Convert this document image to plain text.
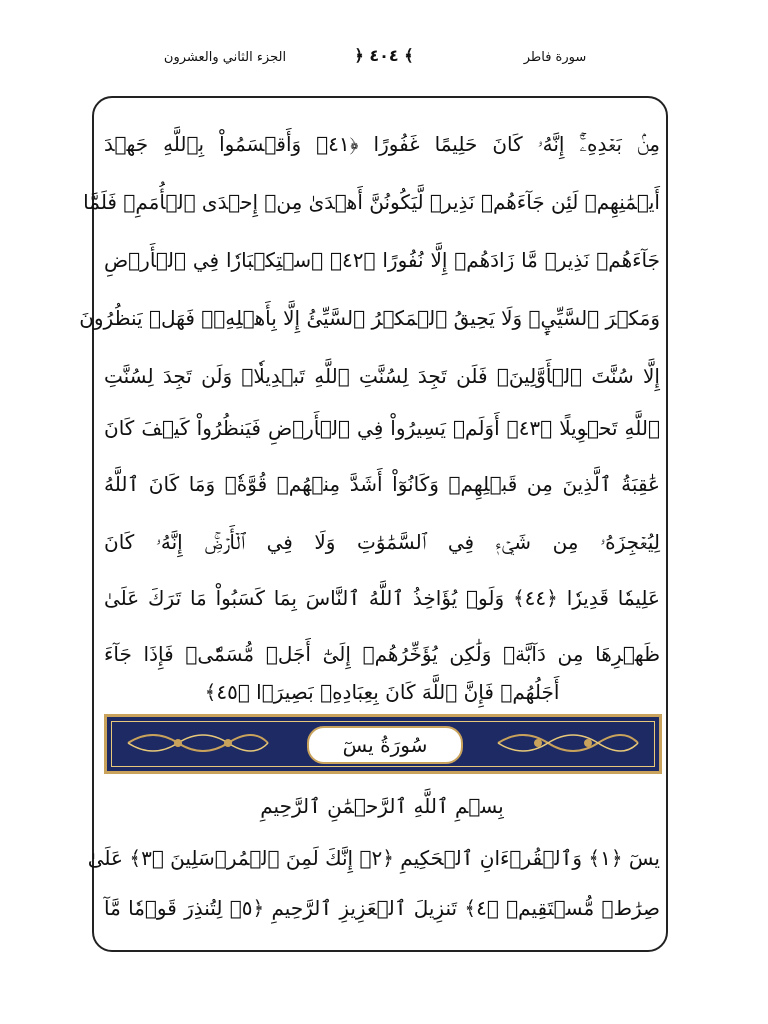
الجزء الثاني والعشرون	﴿ ٤٠٤ ﴾	سورة فاطر
مِنۢ بَعۡدِهِۦٓۚ إِنَّهُۥ كَانَ حَلِيمًا غَفُورًا ﴿٤١﴾ وَأَقۡسَمُواْ بِٱللَّهِ جَهۡدَ
أَيۡمَٰنِهِمۡ لَئِن جَآءَهُمۡ نَذِيرٞ لَّيَكُونُنَّ أَهۡدَىٰ مِنۡ إِحۡدَى ٱلۡأُمَمِۖ فَلَمَّا
جَآءَهُمۡ نَذِيرٞ مَّا زَادَهُمۡ إِلَّا نُفُورًا ﴿٤٢﴾ ٱسۡتِكۡبَارٗا فِي ٱلۡأَرۡضِ
وَمَكۡرَ ٱلسَّيِّيِٕۚ وَلَا يَحِيقُ ٱلۡمَكۡرُ ٱلسَّيِّئُ إِلَّا بِأَهۡلِهِۦۚ فَهَلۡ يَنظُرُونَ
إِلَّا سُنَّتَ ٱلۡأَوَّلِينَۚ فَلَن تَجِدَ لِسُنَّتِ ٱللَّهِ تَبۡدِيلٗاۖ وَلَن تَجِدَ لِسُنَّتِ
ٱللَّهِ تَحۡوِيلًا ﴿٤٣﴾ أَوَلَمۡ يَسِيرُواْ فِي ٱلۡأَرۡضِ فَيَنظُرُواْ كَيۡفَ كَانَ
عَٰقِبَةُ ٱلَّذِينَ مِن قَبۡلِهِمۡ وَكَانُوٓاْ أَشَدَّ مِنۡهُمۡ قُوَّةٗۚ وَمَا كَانَ ٱللَّهُ
لِيُعۡجِزَهُۥ مِن شَيۡءٖ فِي ٱلسَّمَٰوَٰتِ وَلَا فِي ٱلۡأَرۡضِۚ إِنَّهُۥ كَانَ
عَلِيمٗا قَدِيرٗا ﴿٤٤﴾ وَلَوۡ يُؤَاخِذُ ٱللَّهُ ٱلنَّاسَ بِمَا كَسَبُواْ مَا تَرَكَ عَلَىٰ
ظَهۡرِهَا مِن دَآبَّةٖ وَلَٰكِن يُؤَخِّرُهُمۡ إِلَىٰٓ أَجَلٖ مُّسَمّٗىۖ فَإِذَا جَآءَ
أَجَلُهُمۡ فَإِنَّ ٱللَّهَ كَانَ بِعِبَادِهِۦ بَصِيرَۢا ﴿٤٥﴾
سُورَةُ يسٓ
بِسۡمِ ٱللَّهِ ٱلرَّحۡمَٰنِ ٱلرَّحِيمِ
يسٓ ﴿١﴾ وَٱلۡقُرۡءَانِ ٱلۡحَكِيمِ ﴿٢﴾ إِنَّكَ لَمِنَ ٱلۡمُرۡسَلِينَ ﴿٣﴾ عَلَىٰ
صِرَٰطٖ مُّسۡتَقِيمٖ ﴿٤﴾ تَنزِيلَ ٱلۡعَزِيزِ ٱلرَّحِيمِ ﴿٥﴾ لِتُنذِرَ قَوۡمٗا مَّآ
